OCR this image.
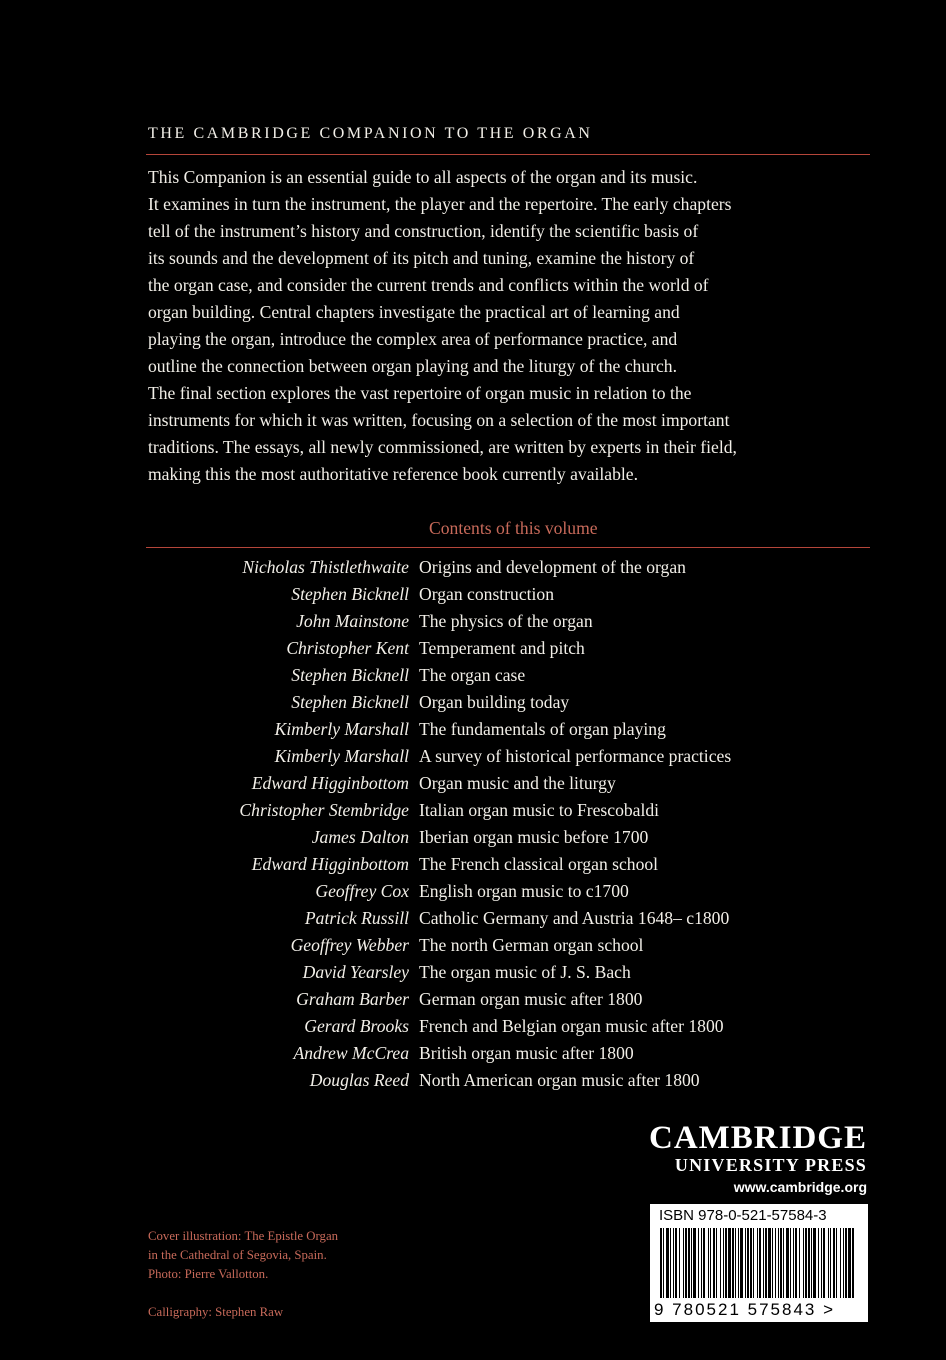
THE CAMBRIDGE COMPANION TO THE ORGAN

This Companion is an essential guide to all aspects of the organ and its music.
It examines in turn the instrument, the player and the repertoire. The early chapters
tell of the instrument’s history and construction, identify the scientific basis of
its sounds and the development of its pitch and tuning, examine the history of
the organ case, and consider the current trends and conflicts within the world of
organ building. Central chapters investigate the practical art of learning and
playing the organ, introduce the complex area of performance practice, and
outline the connection between organ playing and the liturgy of the church.
The final section explores the vast repertoire of organ music in relation to the
instruments for which it was written, focusing on a selection of the most important
traditions. The essays, all newly commissioned, are written by experts in their field,
making this the most authoritative reference book currently available.

Contents of this volume
Nicholas Thistlethwaite Origins and development of the organ
Stephen Bicknell Organ construction
John Mainstone The physics of the organ
Christopher Kent Temperament and pitch
Stephen Bicknell The organ case
Stephen Bicknell Organ building today
Kimberly Marshall The fundamentals of organ playing
Kimberly Marshall A survey of historical performance practices
Edward Higginbottom Organ music and the liturgy
Christopher Stembridge Italian organ music to Frescobaldi
James Dalton Iberian organ music before 1700
Edward Higginbottom The French classical organ school
Geoffrey Cox English organ music to c1700
Patrick Russill Catholic Germany and Austria 1648– c1800
Geoffrey Webber The north German organ school
David Yearsley The organ music of J. S. Bach
Graham Barber German organ music after 1800
Gerard Brooks French and Belgian organ music after 1800
Andrew McCrea British organ music after 1800
Douglas Reed North American organ music after 1800
CAMBRIDGE
UNIVERSITY PRESS
www.cambridge.org
ISBN 978-0-521-57584-3
9 780521 575843 >
Cover illustration: The Epistle Organ
in the Cathedral of Segovia, Spain.
Photo: Pierre Vallotton.
Calligraphy: Stephen Raw
